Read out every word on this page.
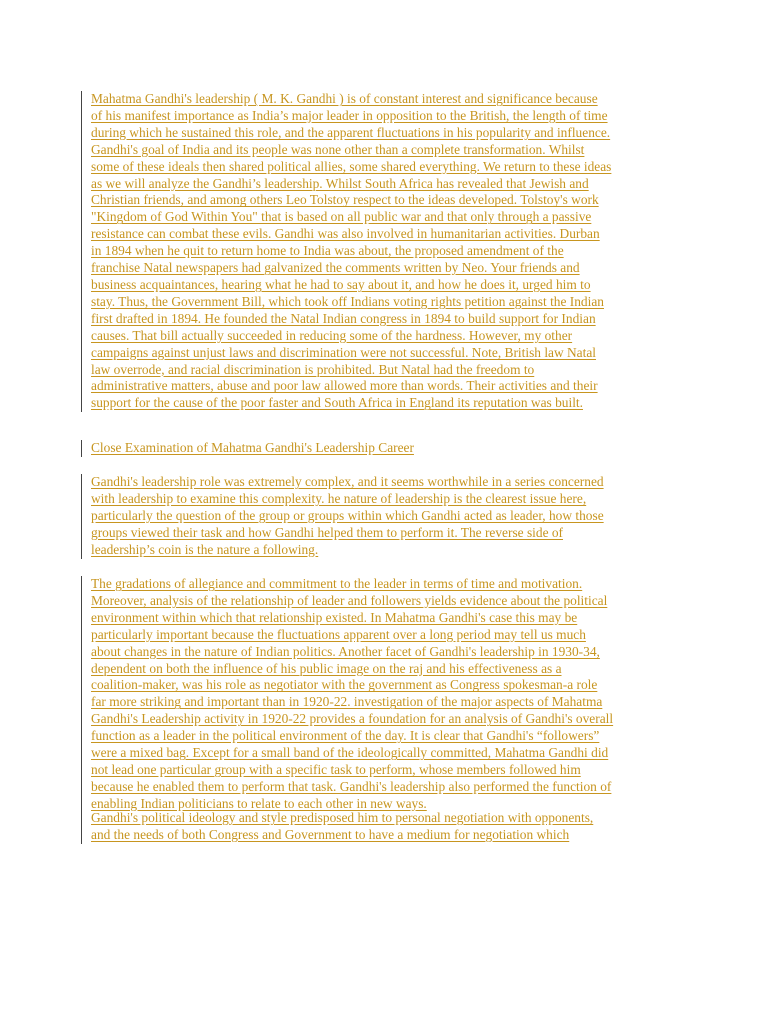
Mahatma Gandhi's leadership ( M. K. Gandhi ) is of constant interest and significance because
of his manifest importance as India’s major leader in opposition to the British, the length of time
during which he sustained this role, and the apparent fluctuations in his popularity and influence.
Gandhi's goal of India and its people was none other than a complete transformation. Whilst
some of these ideals then shared political allies, some shared everything. We return to these ideas
as we will analyze the Gandhi’s leadership. Whilst South Africa has revealed that Jewish and
Christian friends, and among others Leo Tolstoy respect to the ideas developed. Tolstoy's work
"Kingdom of God Within You" that is based on all public war and that only through a passive
resistance can combat these evils. Gandhi was also involved in humanitarian activities. Durban
in 1894 when he quit to return home to India was about, the proposed amendment of the
franchise Natal newspapers had galvanized the comments written by Neo. Your friends and
business acquaintances, hearing what he had to say about it, and how he does it, urged him to
stay. Thus, the Government Bill, which took off Indians voting rights petition against the Indian
first drafted in 1894. He founded the Natal Indian congress in 1894 to build support for Indian
causes. That bill actually succeeded in reducing some of the hardness. However, my other
campaigns against unjust laws and discrimination were not successful. Note, British law Natal
law overrode, and racial discrimination is prohibited. But Natal had the freedom to
administrative matters, abuse and poor law allowed more than words. Their activities and their
support for the cause of the poor faster and South Africa in England its reputation was built.

Close Examination of Mahatma Gandhi's Leadership Career

Gandhi's leadership role was extremely complex, and it seems worthwhile in a series concerned
with leadership to examine this complexity. he nature of leadership is the clearest issue here,
particularly the question of the group or groups within which Gandhi acted as leader, how those
groups viewed their task and how Gandhi helped them to perform it. The reverse side of
leadership’s coin is the nature a following.

The gradations of allegiance and commitment to the leader in terms of time and motivation.
Moreover, analysis of the relationship of leader and followers yields evidence about the political
environment within which that relationship existed. In Mahatma Gandhi's case this may be
particularly important because the fluctuations apparent over a long period may tell us much
about changes in the nature of Indian politics. Another facet of Gandhi's leadership in 1930-34,
dependent on both the influence of his public image on the raj and his effectiveness as a
coalition-maker, was his role as negotiator with the government as Congress spokesman-a role
far more striking and important than in 1920-22. investigation of the major aspects of Mahatma
Gandhi's Leadership activity in 1920-22 provides a foundation for an analysis of Gandhi's overall
function as a leader in the political environment of the day. It is clear that Gandhi's “followers”
were a mixed bag. Except for a small band of the ideologically committed, Mahatma Gandhi did
not lead one particular group with a specific task to perform, whose members followed him
because he enabled them to perform that task. Gandhi's leadership also performed the function of
enabling Indian politicians to relate to each other in new ways.

Gandhi's political ideology and style predisposed him to personal negotiation with opponents,
and the needs of both Congress and Government to have a medium for negotiation which
